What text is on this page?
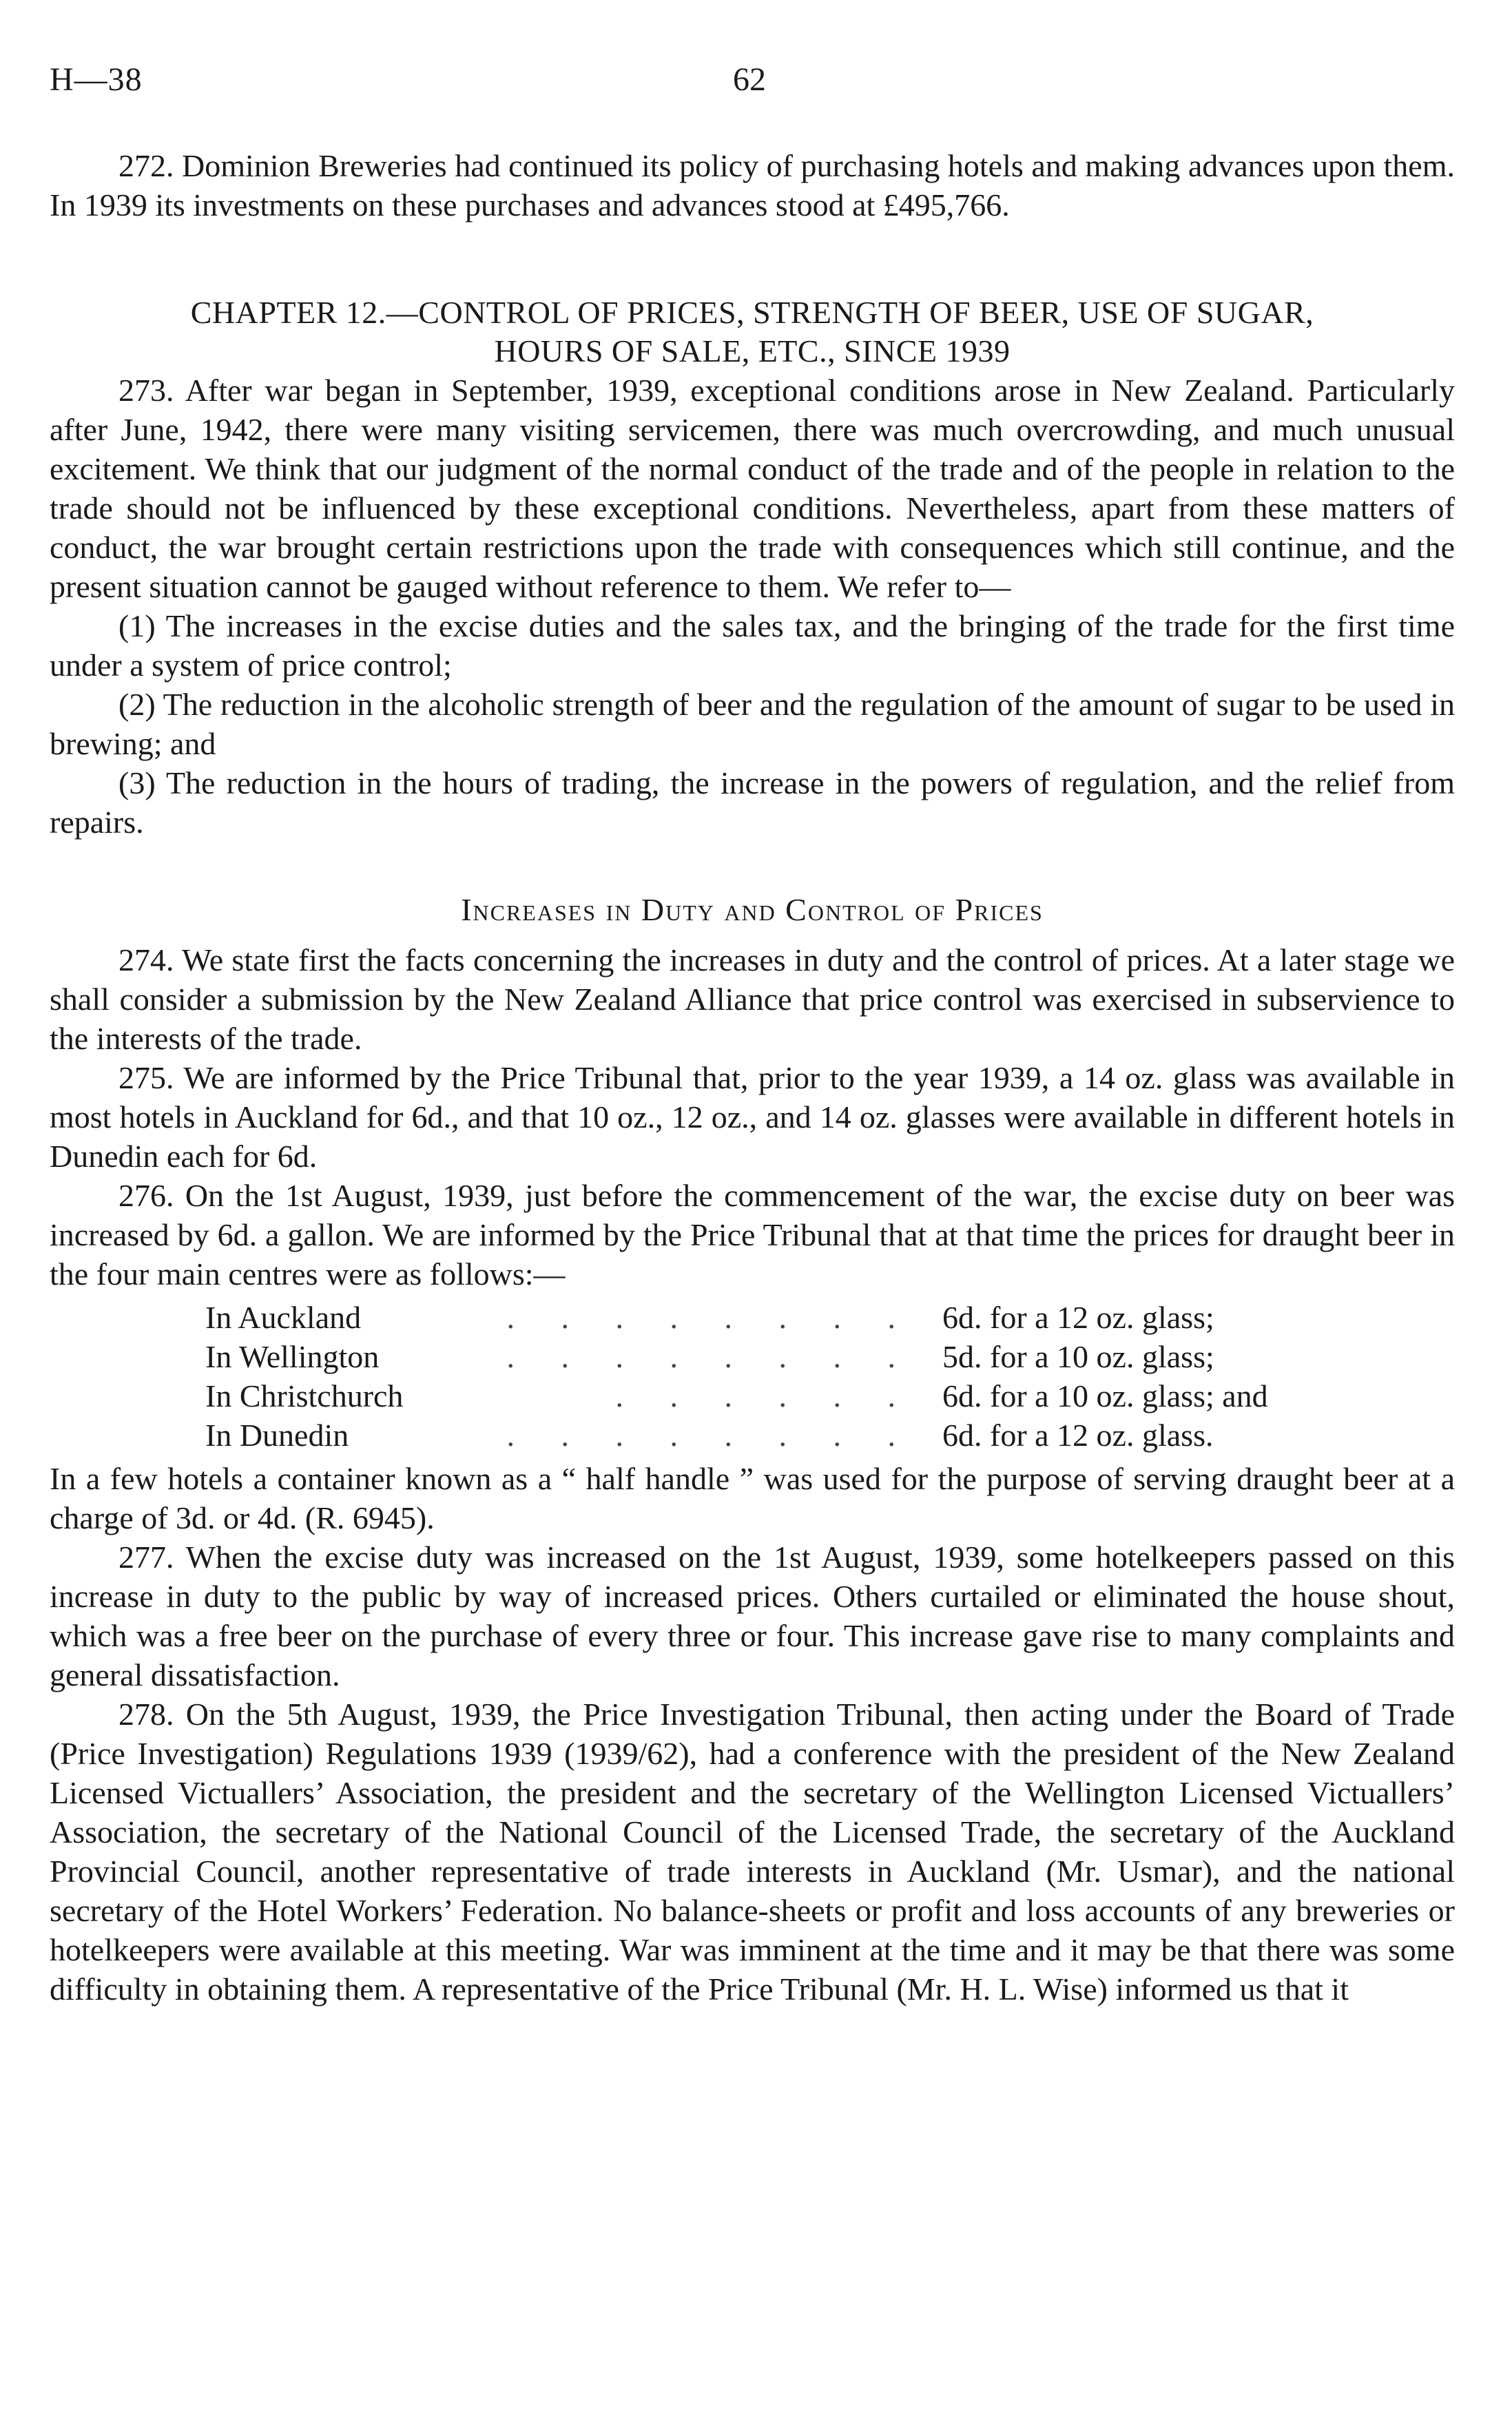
H—38	62

272. Dominion Breweries had continued its policy of purchasing hotels and making advances upon them. In 1939 its investments on these purchases and advances stood at £495,766.

CHAPTER 12.—CONTROL OF PRICES, STRENGTH OF BEER, USE OF SUGAR,
HOURS OF SALE, ETC., SINCE 1939

273. After war began in September, 1939, exceptional conditions arose in New Zealand. Particularly after June, 1942, there were many visiting servicemen, there was much overcrowding, and much unusual excitement. We think that our judgment of the normal conduct of the trade and of the people in relation to the trade should not be influenced by these exceptional conditions. Nevertheless, apart from these matters of conduct, the war brought certain restrictions upon the trade with consequences which still continue, and the present situation cannot be gauged without reference to them. We refer to—

(1) The increases in the excise duties and the sales tax, and the bringing of the trade for the first time under a system of price control;

(2) The reduction in the alcoholic strength of beer and the regulation of the amount of sugar to be used in brewing; and

(3) The reduction in the hours of trading, the increase in the powers of regulation, and the relief from repairs.

Increases in Duty and Control of Prices

274. We state first the facts concerning the increases in duty and the control of prices. At a later stage we shall consider a submission by the New Zealand Alliance that price control was exercised in subservience to the interests of the trade.

275. We are informed by the Price Tribunal that, prior to the year 1939, a 14 oz. glass was available in most hotels in Auckland for 6d., and that 10 oz., 12 oz., and 14 oz. glasses were available in different hotels in Dunedin each for 6d.

276. On the 1st August, 1939, just before the commencement of the war, the excise duty on beer was increased by 6d. a gallon. We are informed by the Price Tribunal that at that time the prices for draught beer in the four main centres were as follows:—

In Auckland	. . . . . . . .	6d. for a 12 oz. glass;
In Wellington	. . . . . . . .	5d. for a 10 oz. glass;
In Christchurch	. . . . . .	6d. for a 10 oz. glass; and
In Dunedin	. . . . . . . .	6d. for a 12 oz. glass.

In a few hotels a container known as a “ half handle ” was used for the purpose of serving draught beer at a charge of 3d. or 4d. (R. 6945).

277. When the excise duty was increased on the 1st August, 1939, some hotelkeepers passed on this increase in duty to the public by way of increased prices. Others curtailed or eliminated the house shout, which was a free beer on the purchase of every three or four. This increase gave rise to many complaints and general dissatisfaction.

278. On the 5th August, 1939, the Price Investigation Tribunal, then acting under the Board of Trade (Price Investigation) Regulations 1939 (1939/62), had a conference with the president of the New Zealand Licensed Victuallers’ Association, the president and the secretary of the Wellington Licensed Victuallers’ Association, the secretary of the National Council of the Licensed Trade, the secretary of the Auckland Provincial Council, another representative of trade interests in Auckland (Mr. Usmar), and the national secretary of the Hotel Workers’ Federation. No balance-sheets or profit and loss accounts of any breweries or hotelkeepers were available at this meeting. War was imminent at the time and it may be that there was some difficulty in obtaining them. A representative of the Price Tribunal (Mr. H. L. Wise) informed us that it
